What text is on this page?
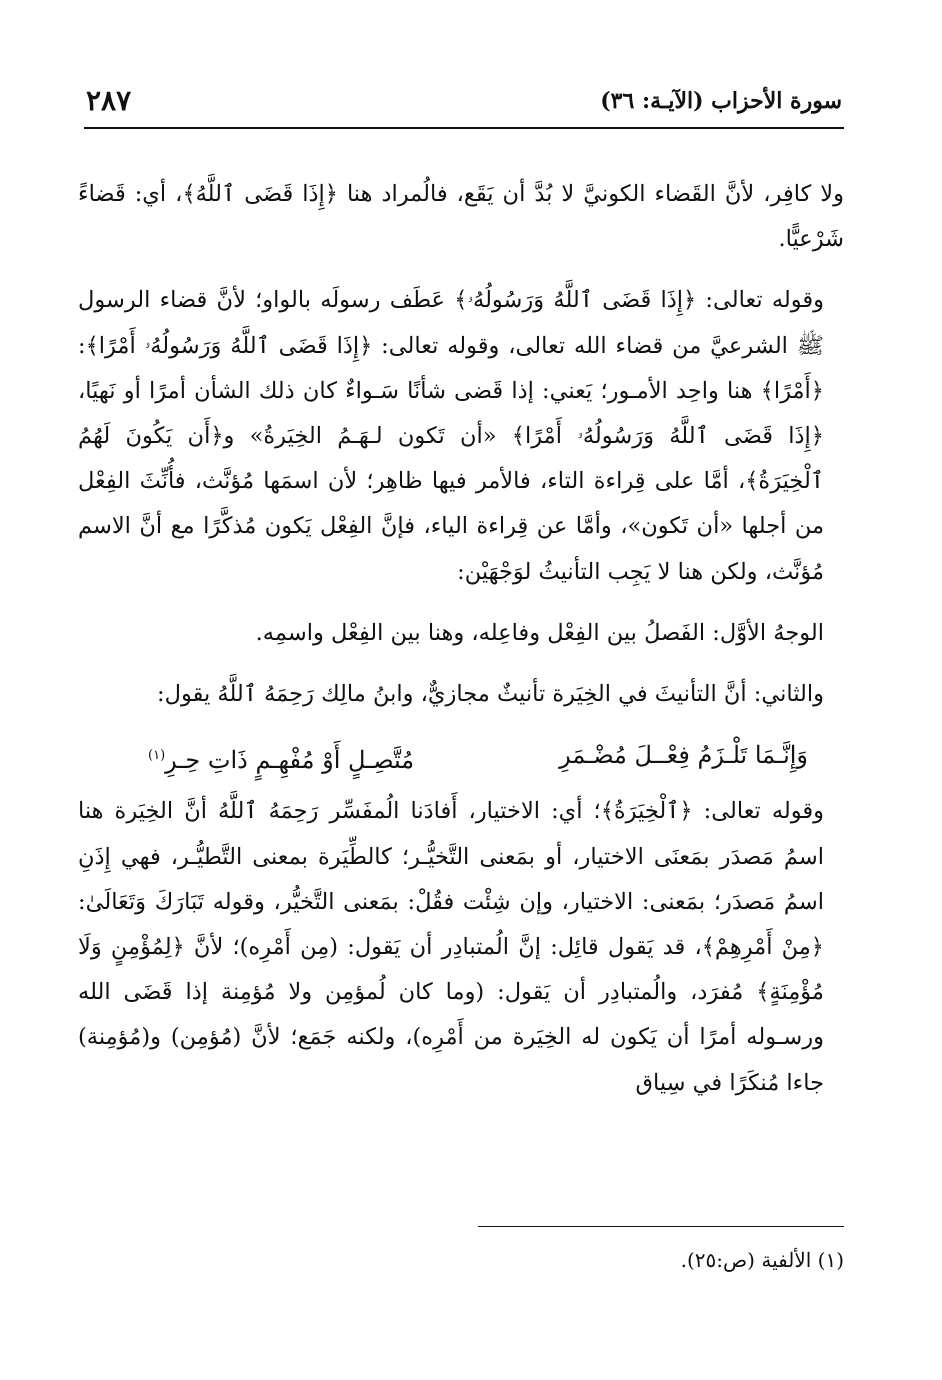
سورة الأحزاب (الآيـة: ٣٦)
٢٨٧

ولا كافِر، لأنَّ القَضاء الكونيَّ لا بُدَّ أن يَقَع، فالُمراد هنا ﴿إِذَا قَضَى ٱللَّهُ﴾، أي: قَضاءً شَرْعيًّا.

وقوله تعالى: ﴿إِذَا قَضَى ٱللَّهُ وَرَسُولُهُۥ﴾ عَطَف رسولَه بالواو؛ لأنَّ قضاء الرسول ﷺ الشرعيَّ من قضاء الله تعالى، وقوله تعالى: ﴿إِذَا قَضَى ٱللَّهُ وَرَسُولُهُۥ أَمْرًا﴾: ﴿أَمْرًا﴾ هنا واحِد الأمـور؛ يَعني: إذا قَضى شأنًا سَـواءٌ كان ذلك الشأن أمرًا أو نَهيًا، ﴿إِذَا قَضَى ٱللَّهُ وَرَسُولُهُۥ أَمْرًا﴾ «أن تَكون لـهَـمُ الخِيَرةُ» و﴿أَن يَكُونَ لَهُمُ ٱلْخِيَرَةُ﴾، أمَّا على قِراءة التاء، فالأمر فيها ظاهِر؛ لأن اسمَها مُؤنَّث، فأُنِّثَ الفِعْل من أجلها «أن تَكون»، وأمَّا عن قِراءة الياء، فإنَّ الفِعْل يَكون مُذكَّرًا مع أنَّ الاسم مُؤنَّث، ولكن هنا لا يَجِب التأنيثُ لوَجْهَيْن:

الوجهُ الأوَّل: الفَصلُ بين الفِعْل وفاعِله، وهنا بين الفِعْل واسمِه.

والثاني: أنَّ التأنيثَ في الخِيَرة تأنيثٌ مجازيٌّ، وابنُ مالِك رَحِمَهُ ٱللَّهُ يقول:

وَإِنَّـمَا تَلْـزَمُ فِعْــلَ مُضْـمَرِ
مُتَّصِـلٍ أَوْ مُفْهِـمٍ ذَاتِ حِـرِ$^{(١)}$

وقوله تعالى: ﴿ٱلْخِيَرَةُ﴾؛ أي: الاختيار، أَفادَنا الُمفَسِّر رَحِمَهُ ٱللَّهُ أنَّ الخِيَرة هنا اسمُ مَصدَر بمَعنَى الاختيار، أو بمَعنى التَّخيُّـر؛ كالطِّيَرة بمعنى التَّطيُّـر، فهي إِذَنِ اسمُ مَصدَر؛ بمَعنى: الاختيار، وإن شِئْت فقُلْ: بمَعنى التَّخيُّر، وقوله تَبَارَكَ وَتَعَالَىٰ: ﴿مِنْ أَمْرِهِمْ﴾، قد يَقول قائِل: إنَّ الُمتبادِر أن يَقول: (مِن أَمْرِه)؛ لأنَّ ﴿لِمُؤْمِنٍ وَلَا مُؤْمِنَةٍ﴾ مُفرَد، والُمتبادِر أن يَقول: (وما كان لُمؤمِن ولا مُؤمِنة إذا قَضَى الله ورسـوله أمرًا أن يَكون له الخِيَرة من أَمْرِه)، ولكنه جَمَع؛ لأنَّ (مُؤمِن) و(مُؤمِنة) جاءا مُنكَرًا في سِياق

(١) الألفية (ص:٢٥).
